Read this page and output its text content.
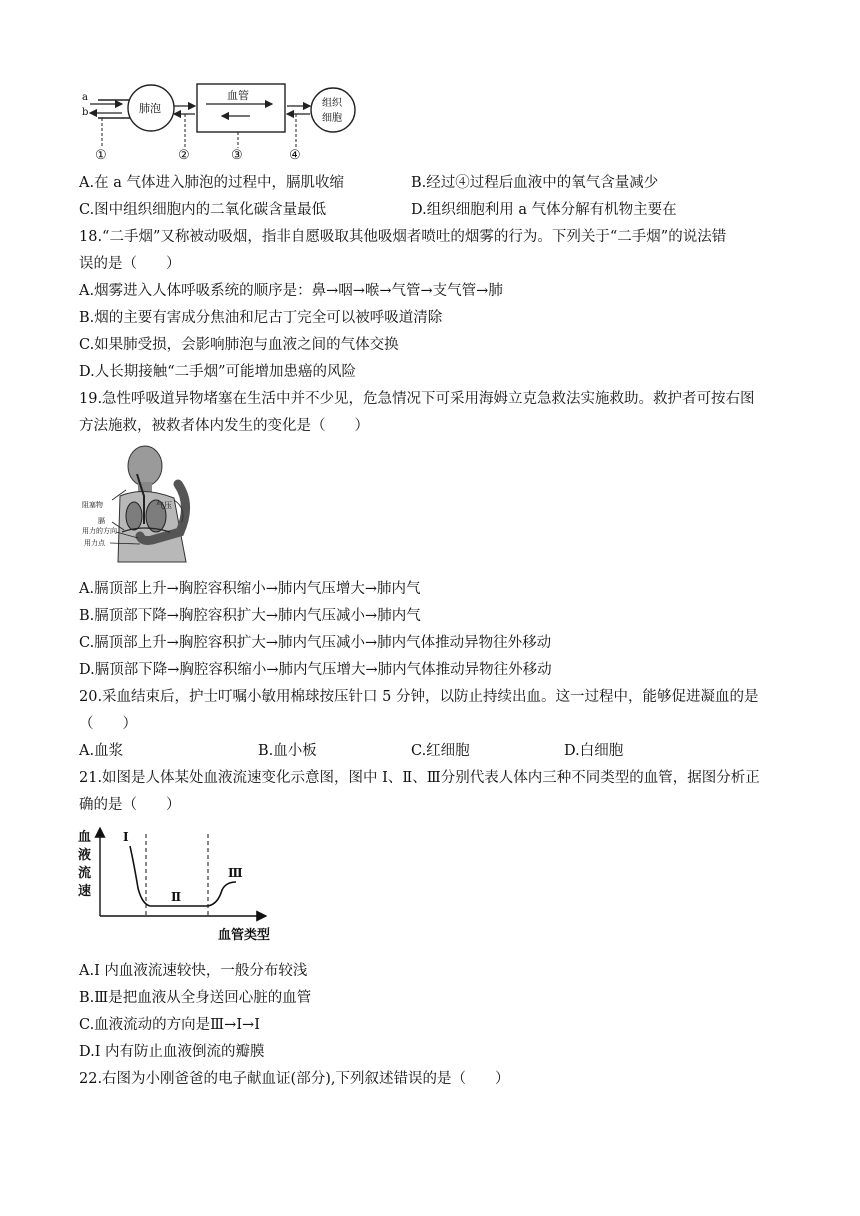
a
b	肺泡
血管
组织
细胞
①	②	③	④
A.在 a 气体进入肺泡的过程中，膈肌收缩	B.经过④过程后血液中的氧气含量减少
C.图中组织细胞内的二氧化碳含量最低	D.组织细胞利用 a 气体分解有机物主要在
18.“二手烟”又称被动吸烟，指非自愿吸取其他吸烟者喷吐的烟雾的行为。下列关于“二手烟”的说法错
误的是（　　）
A.烟雾进入人体呼吸系统的顺序是：鼻→咽→喉→气管→支气管→肺
B.烟的主要有害成分焦油和尼古丁完全可以被呼吸道清除
C.如果肺受损，会影响肺泡与血液之间的气体交换
D.人长期接触“二手烟”可能增加患癌的风险
19.急性呼吸道异物堵塞在生活中并不少见，危急情况下可采用海姆立克急救法实施救助。救护者可按右图
方法施救，被救者体内发生的变化是（　　）
阻塞物
膈
用力的方向
用力点
气压
A.膈顶部上升→胸腔容积缩小→肺内气压增大→肺内气
B.膈顶部下降→胸腔容积扩大→肺内气压减小→肺内气
C.膈顶部上升→胸腔容积扩大→肺内气压减小→肺内气体推动异物往外移动
D.膈顶部下降→胸腔容积缩小→肺内气压增大→肺内气体推动异物往外移动
20.采血结束后，护士叮嘱小敏用棉球按压针口 5 分钟，以防止持续出血。这一过程中，能够促进凝血的是
（　　）
A.血浆	B.血小板	C.红细胞	D.白细胞
21.如图是人体某处血液流速变化示意图，图中 I、Ⅱ、Ⅲ分别代表人体内三种不同类型的血管，据图分析正
确的是（　　）
血
液
流
速
I
Ⅱ
Ⅲ
血管类型
A.I 内血液流速较快，一般分布较浅
B.Ⅲ是把血液从全身送回心脏的血管
C.血液流动的方向是Ⅲ→I→I
D.I 内有防止血液倒流的瓣膜
22.右图为小刚爸爸的电子献血证(部分),下列叙述错误的是（　　）
